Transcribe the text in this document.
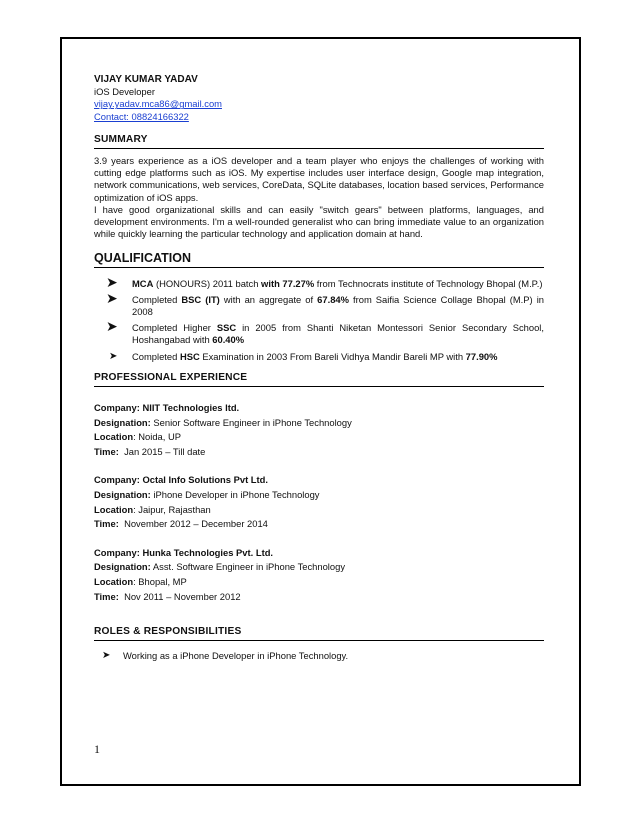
VIJAY KUMAR YADAV
iOS Developer
vijay.yadav.mca86@gmail.com
Contact: 08824166322
SUMMARY

3.9 years experience as a iOS developer and a team player who enjoys the challenges of working with cutting edge platforms such as iOS. My expertise includes user interface design, Google map integration, network communications, web services, CoreData, SQLite databases, location based services, Performance optimization of iOS apps.

I have good organizational skills and can easily "switch gears" between platforms, languages, and development environments. I'm a well-rounded generalist who can bring immediate value to an organization while quickly learning the particular technology and application domain at hand.

QUALIFICATION
➤ MCA (HONOURS) 2011 batch with 77.27% from Technocrats institute of Technology Bhopal (M.P.)
➤ Completed BSC (IT) with an aggregate of 67.84% from Saifia Science Collage Bhopal (M.P) in 2008
➤ Completed Higher SSC in 2005 from Shanti Niketan Montessori Senior Secondary School, Hoshangabad with 60.40%
➤ Completed HSC Examination in 2003 From Bareli Vidhya Mandir Bareli MP with 77.90%
PROFESSIONAL EXPERIENCE
Company: NIIT Technologies ltd.
Designation: Senior Software Engineer in iPhone Technology
Location: Noida, UP
Time: Jan 2015 – Till date
Company: Octal Info Solutions Pvt Ltd.
Designation: iPhone Developer in iPhone Technology
Location: Jaipur, Rajasthan
Time: November 2012 – December 2014
Company: Hunka Technologies Pvt. Ltd.
Designation: Asst. Software Engineer in iPhone Technology
Location: Bhopal, MP
Time: Nov 2011 – November 2012
ROLES & RESPONSIBILITIES
➤ Working as a iPhone Developer in iPhone Technology.
1
